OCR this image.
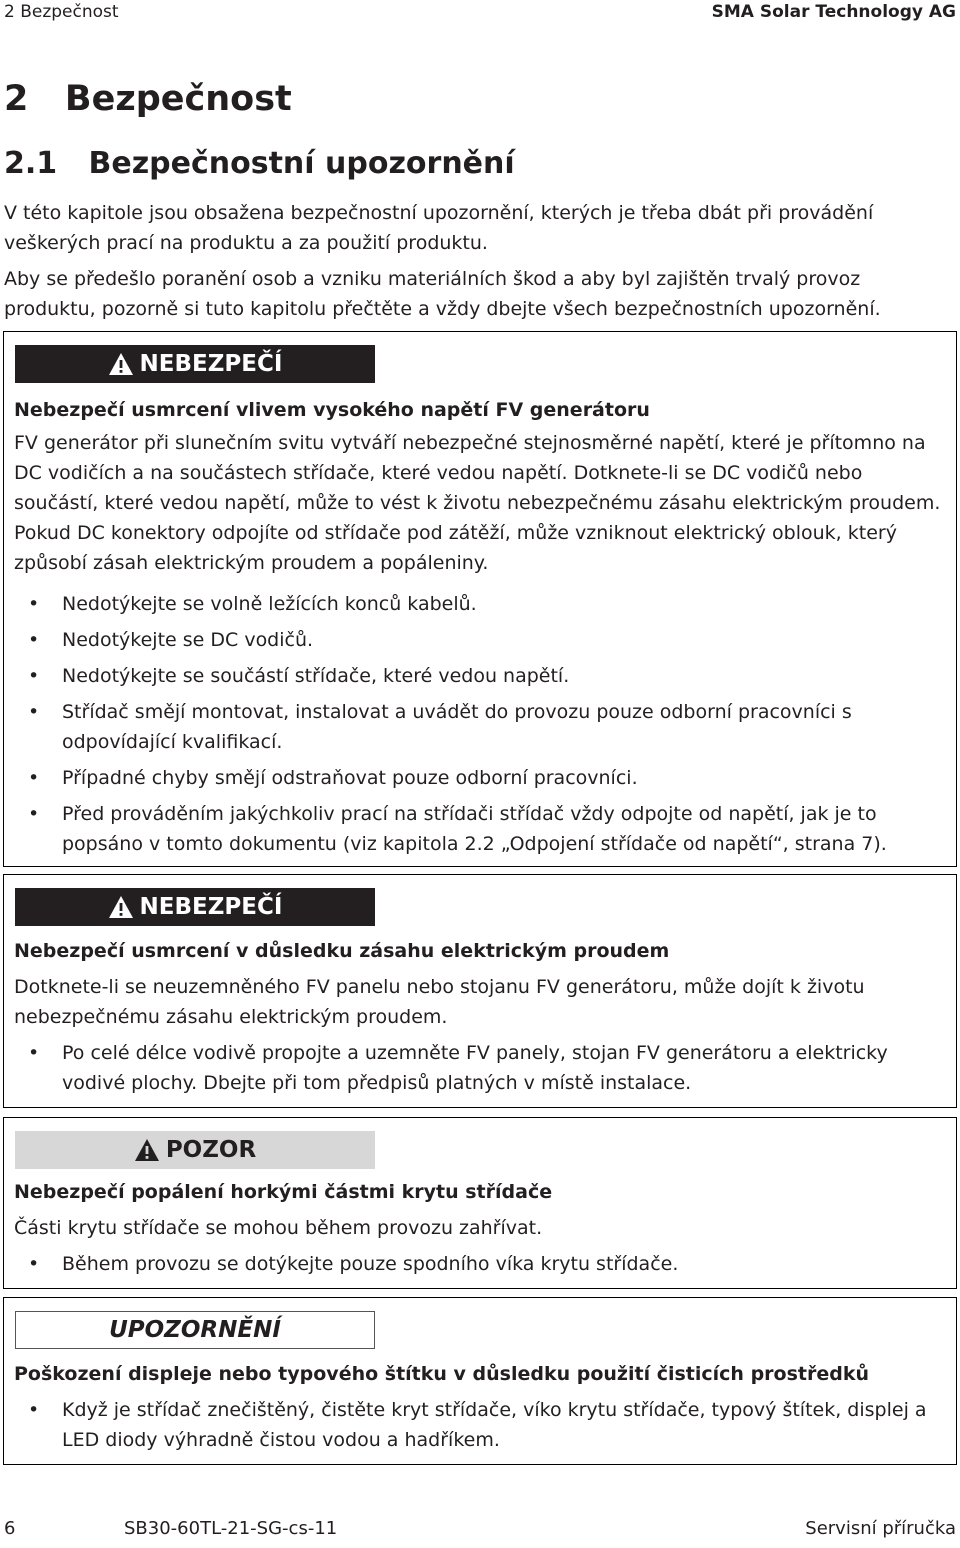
2 Bezpečnost	SMA Solar Technology AG
2   Bezpečnost
2.1   Bezpečnostní upozornění

V této kapitole jsou obsažena bezpečnostní upozornění, kterých je třeba dbát při provádění veškerých prací na produktu a za použití produktu.

Aby se předešlo poranění osob a vzniku materiálních škod a aby byl zajištěn trvalý provoz produktu, pozorně si tuto kapitolu přečtěte a vždy dbejte všech bezpečnostních upozornění.

NEBEZPEČÍ
Nebezpečí usmrcení vlivem vysokého napětí FV generátoru

FV generátor při slunečním svitu vytváří nebezpečné stejnosměrné napětí, které je přítomno na DC vodičích a na součástech střídače, které vedou napětí. Dotknete-li se DC vodičů nebo součástí, které vedou napětí, může to vést k životu nebezpečnému zásahu elektrickým proudem. Pokud DC konektory odpojíte od střídače pod zátěží, může vzniknout elektrický oblouk, který způsobí zásah elektrickým proudem a popáleniny.

• Nedotýkejte se volně ležících konců kabelů.
• Nedotýkejte se DC vodičů.
• Nedotýkejte se součástí střídače, které vedou napětí.
• Střídač smějí montovat, instalovat a uvádět do provozu pouze odborní pracovníci s odpovídající kvalifikací.
• Případné chyby smějí odstraňovat pouze odborní pracovníci.
• Před prováděním jakýchkoliv prací na střídači střídač vždy odpojte od napětí, jak je to popsáno v tomto dokumentu (viz kapitola 2.2 „Odpojení střídače od napětí“, strana 7).
NEBEZPEČÍ
Nebezpečí usmrcení v důsledku zásahu elektrickým proudem

Dotknete-li se neuzemněného FV panelu nebo stojanu FV generátoru, může dojít k životu nebezpečnému zásahu elektrickým proudem.

• Po celé délce vodivě propojte a uzemněte FV panely, stojan FV generátoru a elektricky vodivé plochy. Dbejte při tom předpisů platných v místě instalace.
POZOR
Nebezpečí popálení horkými částmi krytu střídače

Části krytu střídače se mohou během provozu zahřívat.

• Během provozu se dotýkejte pouze spodního víka krytu střídače.
UPOZORNĚNÍ
Poškození displeje nebo typového štítku v důsledku použití čisticích prostředků
• Když je střídač znečištěný, čistěte kryt střídače, víko krytu střídače, typový štítek, displej a LED diody výhradně čistou vodou a hadříkem.
6	SB30-60TL-21-SG-cs-11	Servisní příručka
